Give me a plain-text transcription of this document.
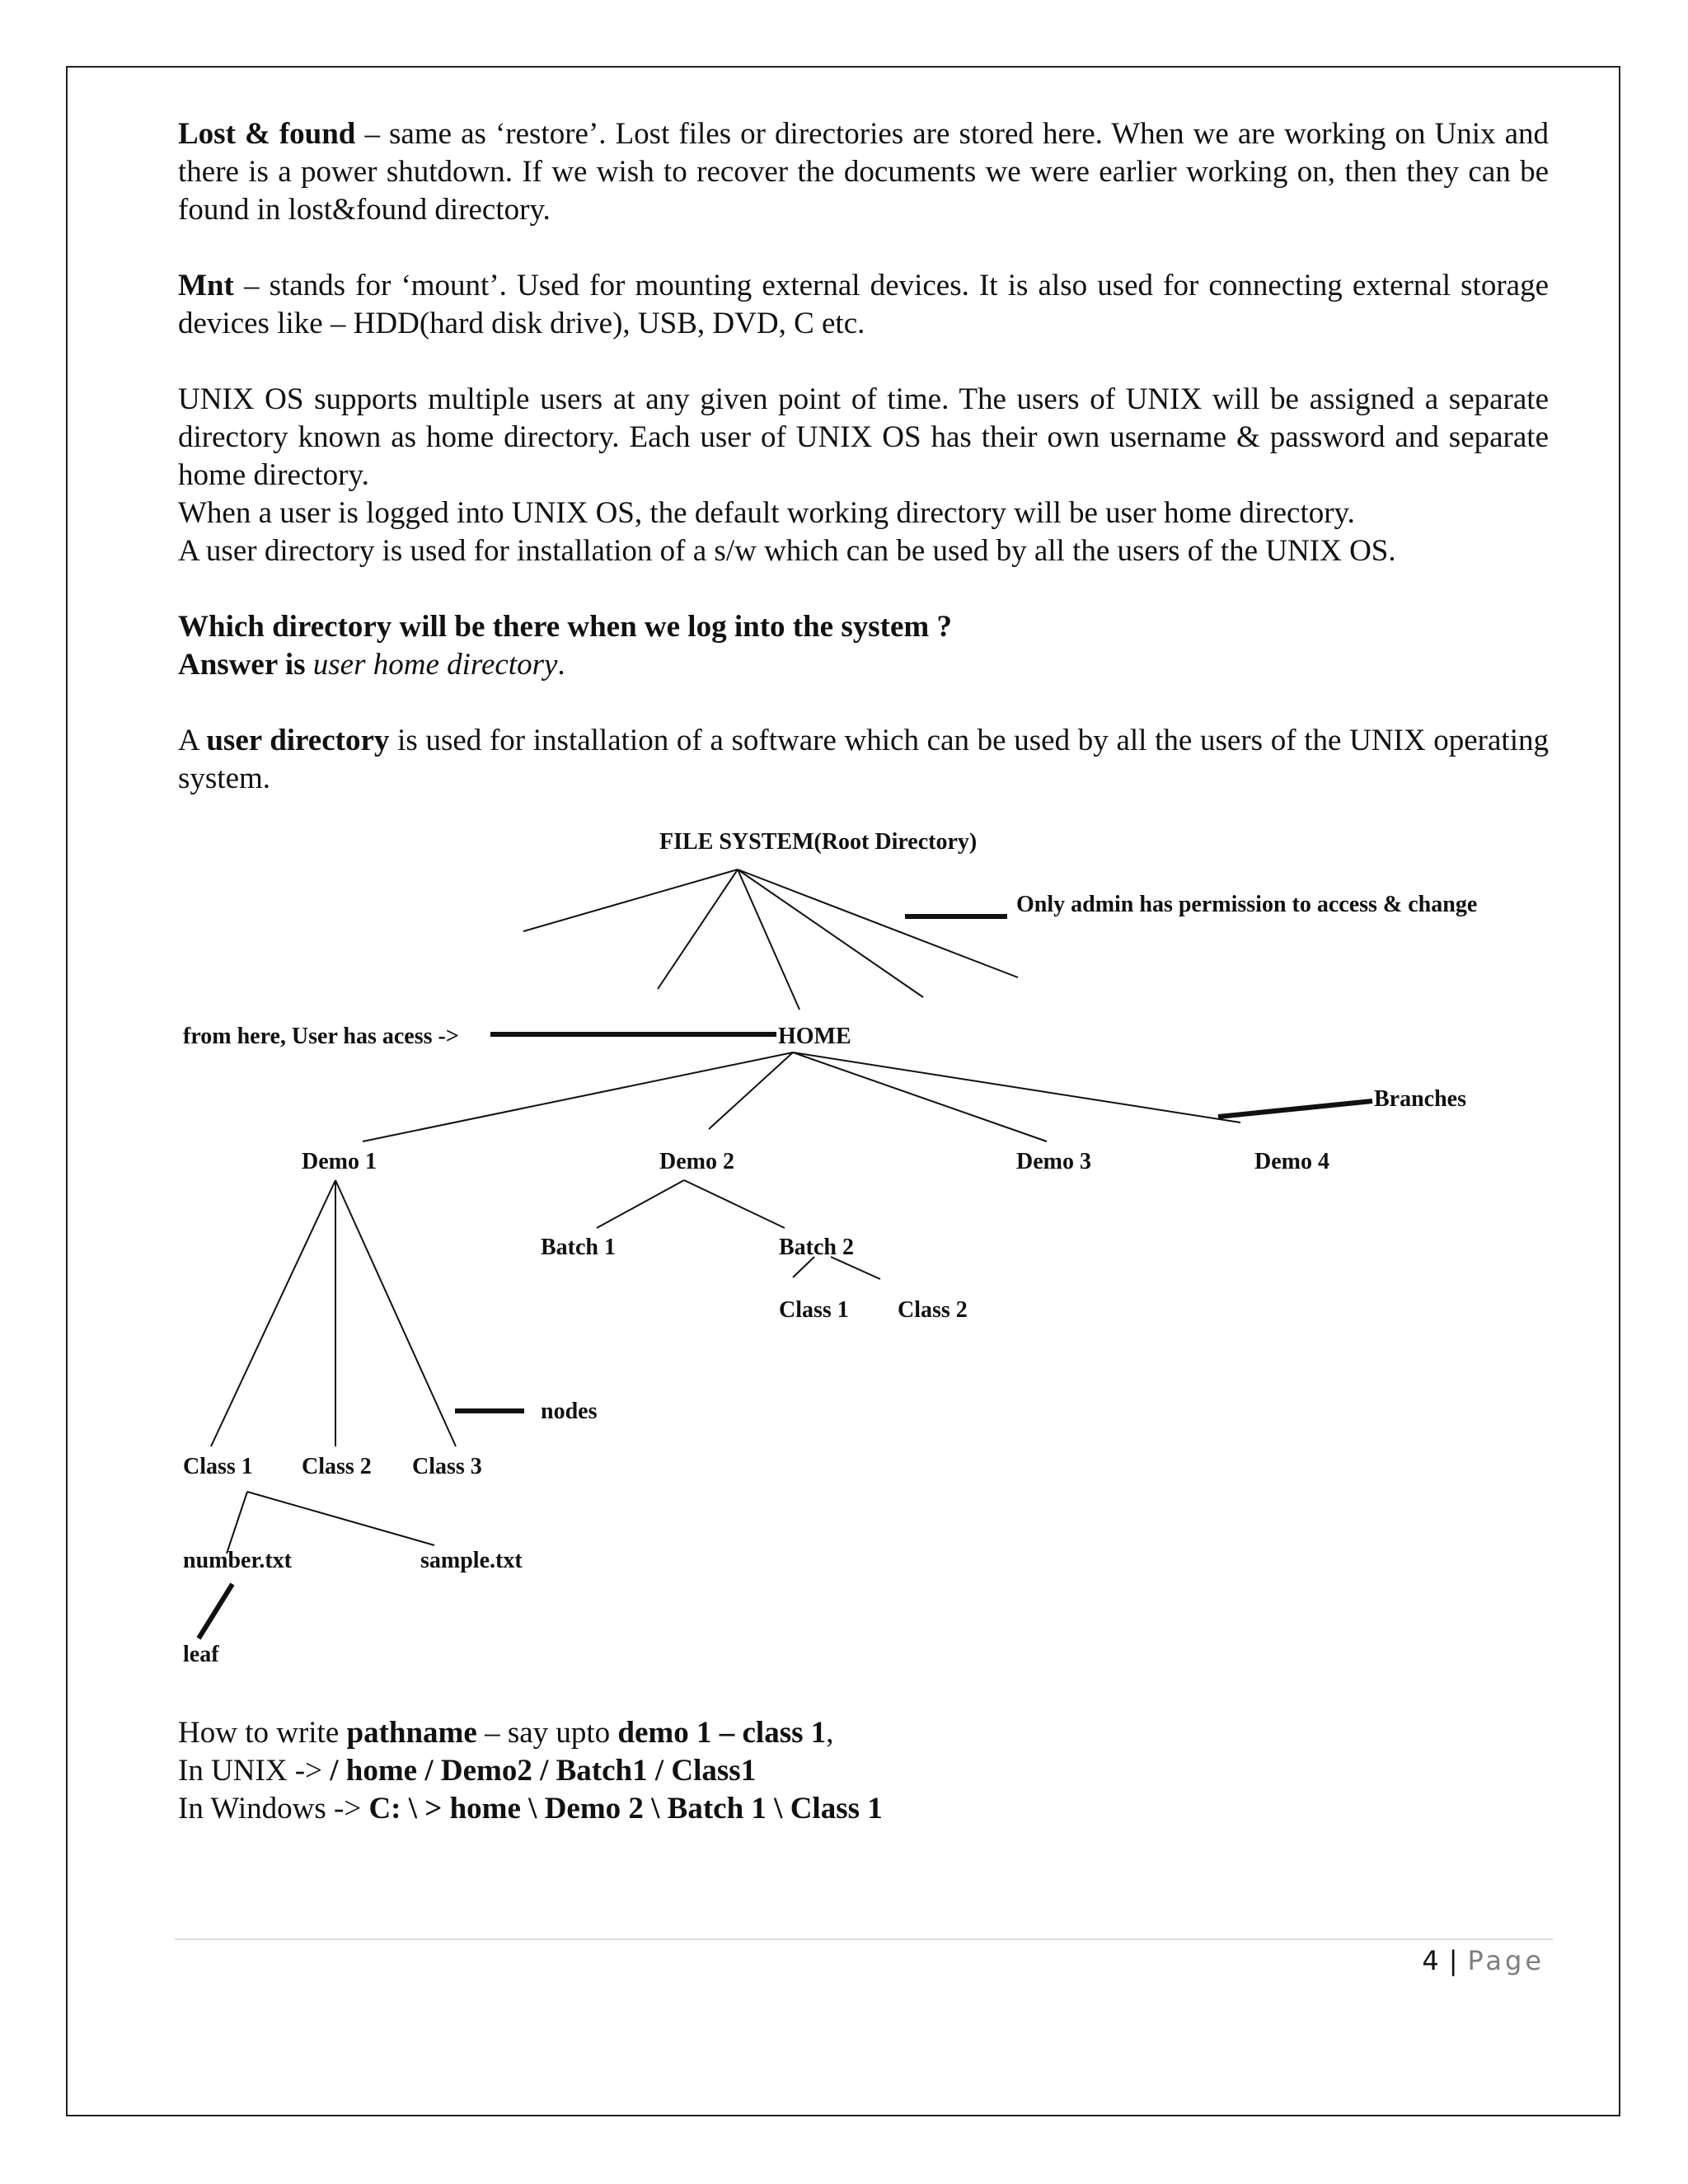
Lost & found – same as ‘restore’. Lost files or directories are stored here. When we are working on Unix and there is a power shutdown. If we wish to recover the documents we were earlier working on, then they can be found in lost&found directory.

Mnt – stands for ‘mount’. Used for mounting external devices. It is also used for connecting external storage devices like – HDD(hard disk drive), USB, DVD, C etc.

UNIX OS supports multiple users at any given point of time. The users of UNIX will be assigned a separate directory known as home directory. Each user of UNIX OS has their own username & password and separate home directory.

When a user is logged into UNIX OS, the default working directory will be user home directory.

A user directory is used for installation of a s/w which can be used by all the users of the UNIX OS.

Which directory will be there when we log into the system ?

Answer is user home directory.

A user directory is used for installation of a software which can be used by all the users of the UNIX operating system.

FILE SYSTEM(Root Directory)
Only admin has permission to access & change
from here, User has acess ->	HOME
Branches
Demo 1	Demo 2	Demo 3	Demo 4
Batch 1	Batch 2
Class 1 Class 2
nodes
Class 1 Class 2 Class 3
number.txt	sample.txt
leaf
How to write pathname – say upto demo 1 – class 1,
In UNIX -> / home / Demo2 / Batch1 / Class1
In Windows -> C: \ > home \ Demo 2 \ Batch 1 \ Class 1
4 | Page
